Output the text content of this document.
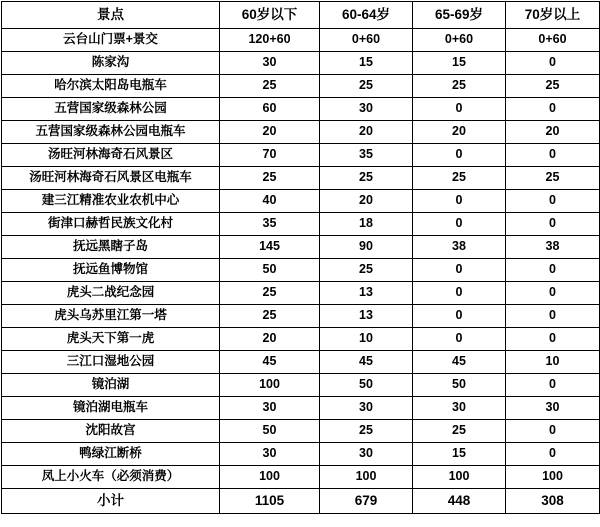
景点	60岁以下	60-64岁	65-69岁	70岁以上
云台山门票+景交	120+60	0+60	0+60	0+60
陈家沟	30	15	15	0
哈尔滨太阳岛电瓶车	25	25	25	25
五营国家级森林公园	60	30	0	0
五营国家级森林公园电瓶车	20	20	20	20
汤旺河林海奇石风景区	70	35	0	0
汤旺河林海奇石风景区电瓶车	25	25	25	25
建三江精准农业农机中心	40	20	0	0
街津口赫哲民族文化村	35	18	0	0
抚远黑瞎子岛	145	90	38	38
抚远鱼博物馆	50	25	0	0
虎头二战纪念园	25	13	0	0
虎头乌苏里江第一塔	25	13	0	0
虎头天下第一虎	20	10	0	0
三江口湿地公园	45	45	45	10
镜泊湖	100	50	50	0
镜泊湖电瓶车	30	30	30	30
沈阳故宫	50	25	25	0
鸭绿江断桥	30	30	15	0
凤上小火车（必须消费）	100	100	100	100
小计	1105	679	448	308
